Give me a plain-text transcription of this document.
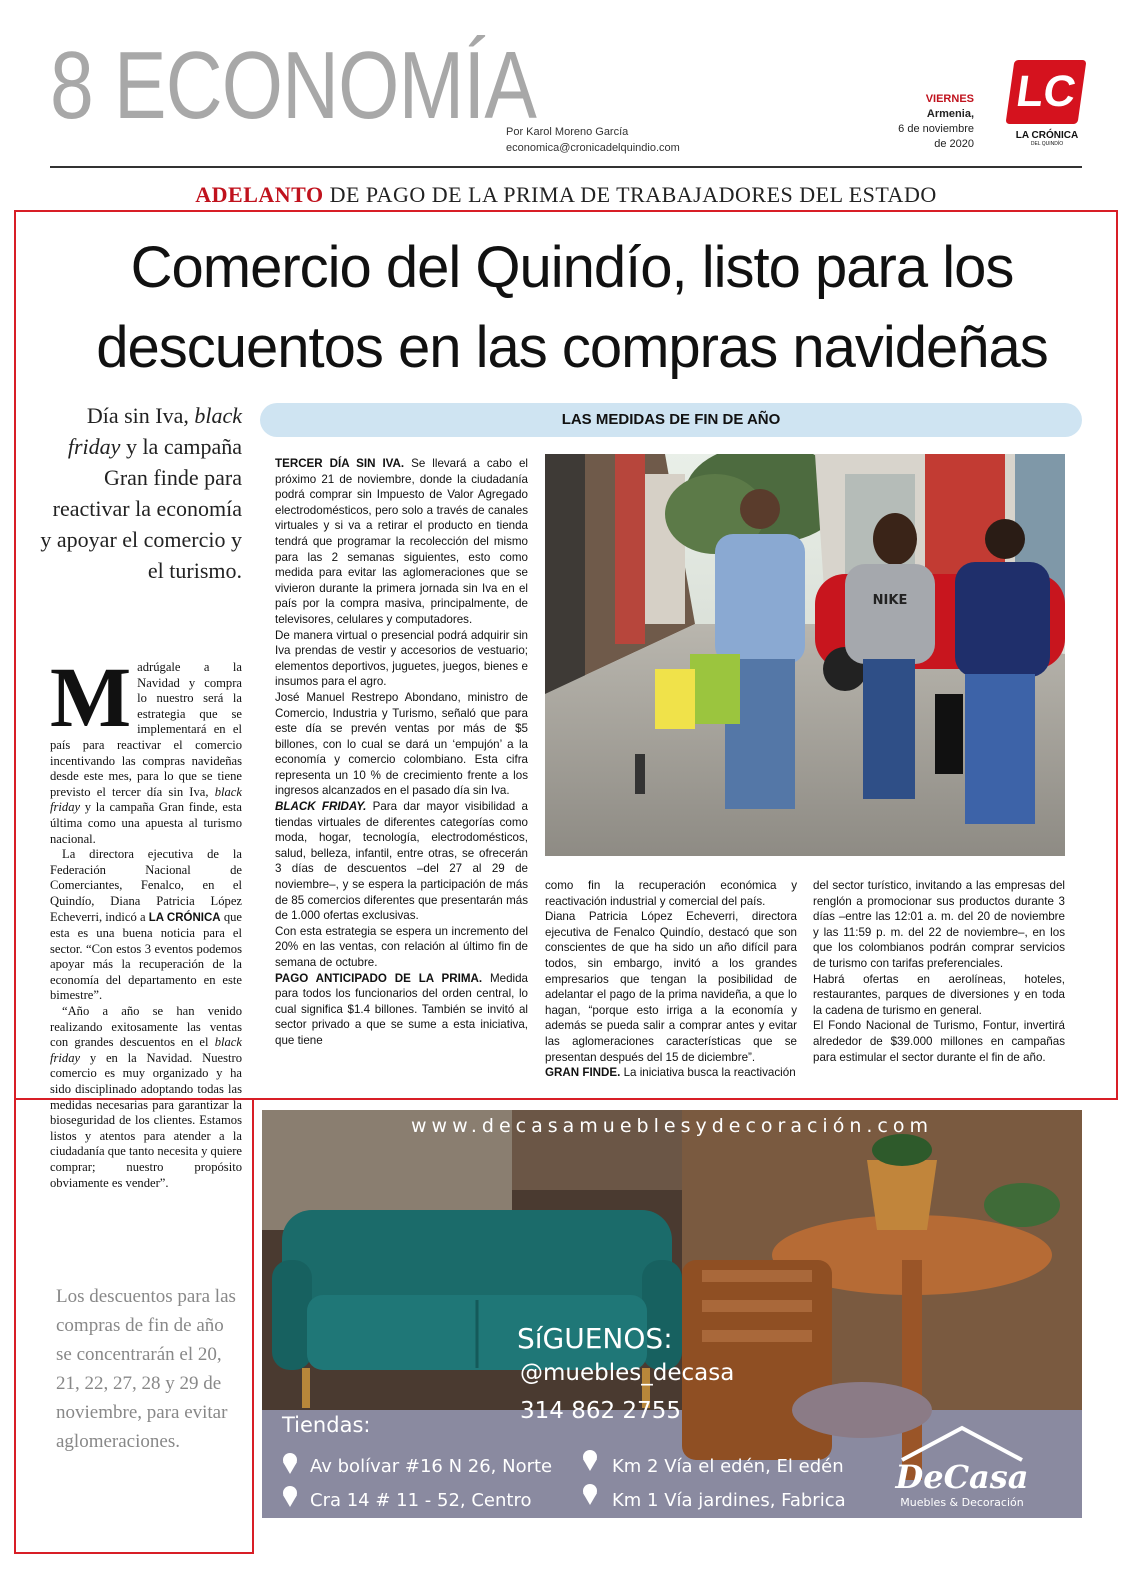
8 ECONOMÍA
Por Karol Moreno García
economica@cronicadelquindio.com
VIERNES
Armenia,
6 de noviembre
de 2020
LC
LA CRÓNICA
DEL QUINDÍO
ADELANTO DE PAGO DE LA PRIMA DE TRABAJADORES DEL ESTADO
Comercio del Quindío, listo para los
descuentos en las compras navideñas
Día sin Iva, black friday y la campaña Gran finde para reactivar la economía y apoyar el comercio y el turismo.
LAS MEDIDAS DE FIN DE AÑO

Madrúgale a la Navidad y compra lo nuestro será la estrategia que se implementará en el país para reactivar el comercio incentivando las compras navideñas desde este mes, para lo que se tiene previsto el tercer día sin Iva, black friday y la campaña Gran finde, esta última como una apuesta al turismo nacional.

La directora ejecutiva de la Federación Nacional de Comerciantes, Fenalco, en el Quindío, Diana Patricia López Echeverri, indicó a LA CRÓNICA que esta es una buena noticia para el sector. “Con estos 3 eventos podemos apoyar más la recuperación de la economía del departamento en este bimestre”.

“Año a año se han venido realizando exitosamente las ventas con grandes descuentos en el black friday y en la Navidad. Nuestro comercio es muy organizado y ha sido disciplinado adoptando todas las medidas necesarias para garantizar la bioseguridad de los clientes. Estamos listos y atentos para atender a la ciudadanía que tanto necesita y quiere comprar; nuestro propósito obviamente es vender”.

Los descuentos para las compras de fin de año se concentrarán el 20, 21, 22, 27, 28 y 29 de noviembre, para evitar aglomeraciones.

TERCER DÍA SIN IVA. Se llevará a cabo el próximo 21 de noviembre, donde la ciudadanía podrá comprar sin Impuesto de Valor Agregado electrodomésticos, pero solo a través de canales virtuales y si va a retirar el producto en tienda tendrá que programar la recolección del mismo para las 2 semanas siguientes, esto como medida para evitar las aglomeraciones que se vivieron durante la primera jornada sin Iva en el país por la compra masiva, principalmente, de televisores, celulares y computadores.

De manera virtual o presencial podrá adquirir sin Iva prendas de vestir y accesorios de vestuario; elementos deportivos, juguetes, juegos, bienes e insumos para el agro.

José Manuel Restrepo Abondano, ministro de Comercio, Industria y Turismo, señaló que para este día se prevén ventas por más de $5 billones, con lo cual se dará un ‘empujón’ a la economía y comercio colombiano. Esta cifra representa un 10 % de crecimiento frente a los ingresos alcanzados en el pasado día sin Iva.

BLACK FRIDAY. Para dar mayor visibilidad a tiendas virtuales de diferentes categorías como moda, hogar, tecnología, electrodomésticos, salud, belleza, infantil, entre otras, se ofrecerán 3 días de descuentos –del 27 al 29 de noviembre–, y se espera la participación de más de 85 comercios diferentes que presentarán más de 1.000 ofertas exclusivas.

Con esta estrategia se espera un incremento del 20% en las ventas, con relación al último fin de semana de octubre.

PAGO ANTICIPADO DE LA PRIMA. Medida para todos los funcionarios del orden central, lo cual significa $1.4 billones. También se invitó al sector privado a que se sume a esta iniciativa, que tiene

NIKE

como fin la recuperación económica y reactivación industrial y comercial del país.

Diana Patricia López Echeverri, directora ejecutiva de Fenalco Quindío, destacó que son conscientes de que ha sido un año difícil para todos, sin embargo, invitó a los grandes empresarios que tengan la posibilidad de adelantar el pago de la prima navideña, a que lo hagan, “porque esto irriga a la economía y además se pueda salir a comprar antes y evitar las aglomeraciones características que se presentan después del 15 de diciembre”.

GRAN FINDE. La iniciativa busca la reactivación

del sector turístico, invitando a las empresas del renglón a promocionar sus productos durante 3 días –entre las 12:01 a. m. del 20 de noviembre y las 11:59 p. m. del 22 de noviembre–, en los que los colombianos podrán comprar servicios de turismo con tarifas preferenciales.

Habrá ofertas en aerolíneas, hoteles, restaurantes, parques de diversiones y en toda la cadena de turismo en general.

El Fondo Nacional de Turismo, Fontur, invertirá alrededor de $39.000 millones en campañas para estimular el sector durante el fin de año.

www.decasamueblesydecoración.com
SíGUENOS:
@muebles_decasa
314 862 2755
Tiendas:
Av bolívar #16 N 26, Norte	Km 2 Vía el edén, El edén
Cra 14 # 11 - 52, Centro	Km 1 Vía jardines, Fabrica
DeCasa
Muebles & Decoración
